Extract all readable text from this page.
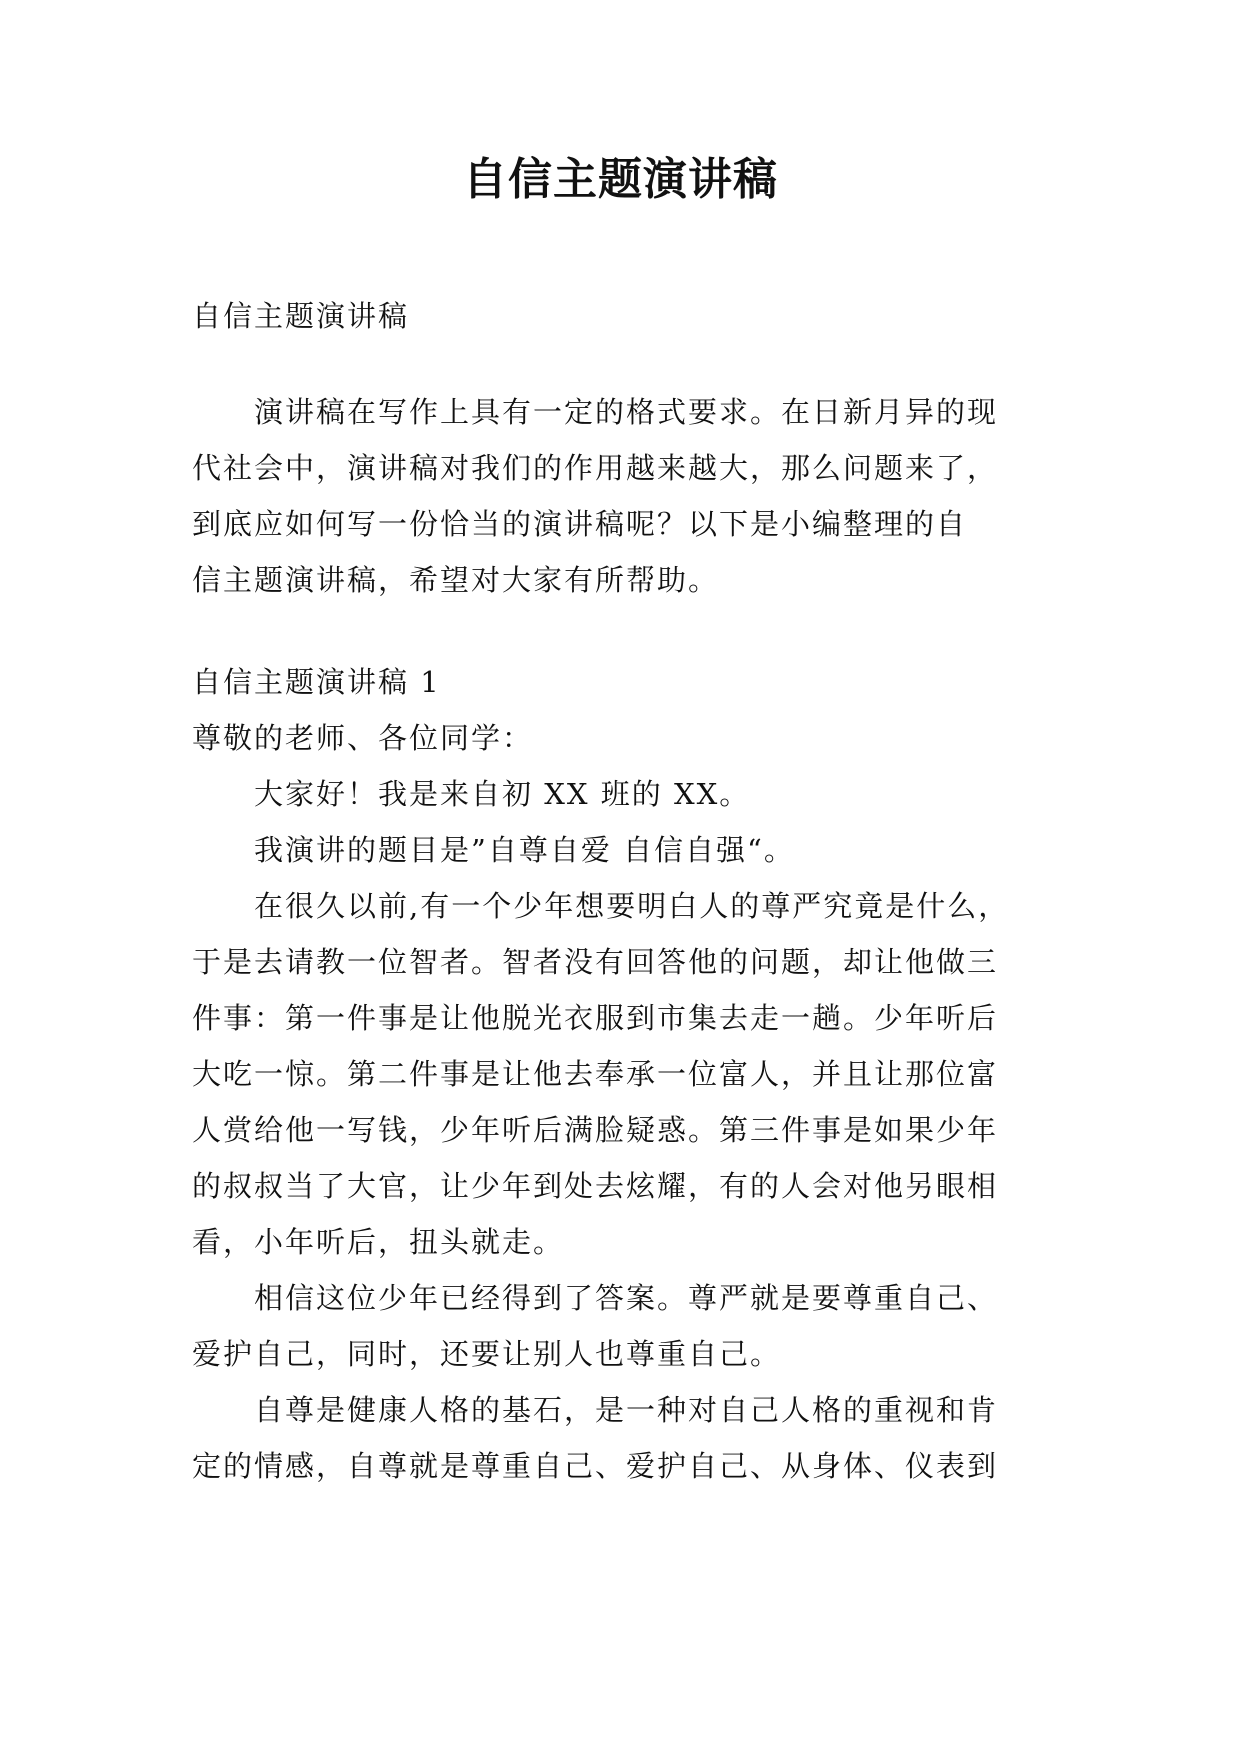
自信主题演讲稿

自信主题演讲稿

演讲稿在写作上具有一定的格式要求。在日新月异的现

代社会中，演讲稿对我们的作用越来越大，那么问题来了，

到底应如何写一份恰当的演讲稿呢？以下是小编整理的自

信主题演讲稿，希望对大家有所帮助。

自信主题演讲稿 1

尊敬的老师、各位同学：

大家好！我是来自初 XX 班的 XX。

我演讲的题目是”自尊自爱 自信自强“。

在很久以前,有一个少年想要明白人的尊严究竟是什么，

于是去请教一位智者。智者没有回答他的问题，却让他做三

件事：第一件事是让他脱光衣服到市集去走一趟。少年听后

大吃一惊。第二件事是让他去奉承一位富人，并且让那位富

人赏给他一写钱，少年听后满脸疑惑。第三件事是如果少年

的叔叔当了大官，让少年到处去炫耀，有的人会对他另眼相

看，小年听后，扭头就走。

相信这位少年已经得到了答案。尊严就是要尊重自己、

爱护自己，同时，还要让别人也尊重自己。

自尊是健康人格的基石，是一种对自己人格的重视和肯

定的情感，自尊就是尊重自己、爱护自己、从身体、仪表到
